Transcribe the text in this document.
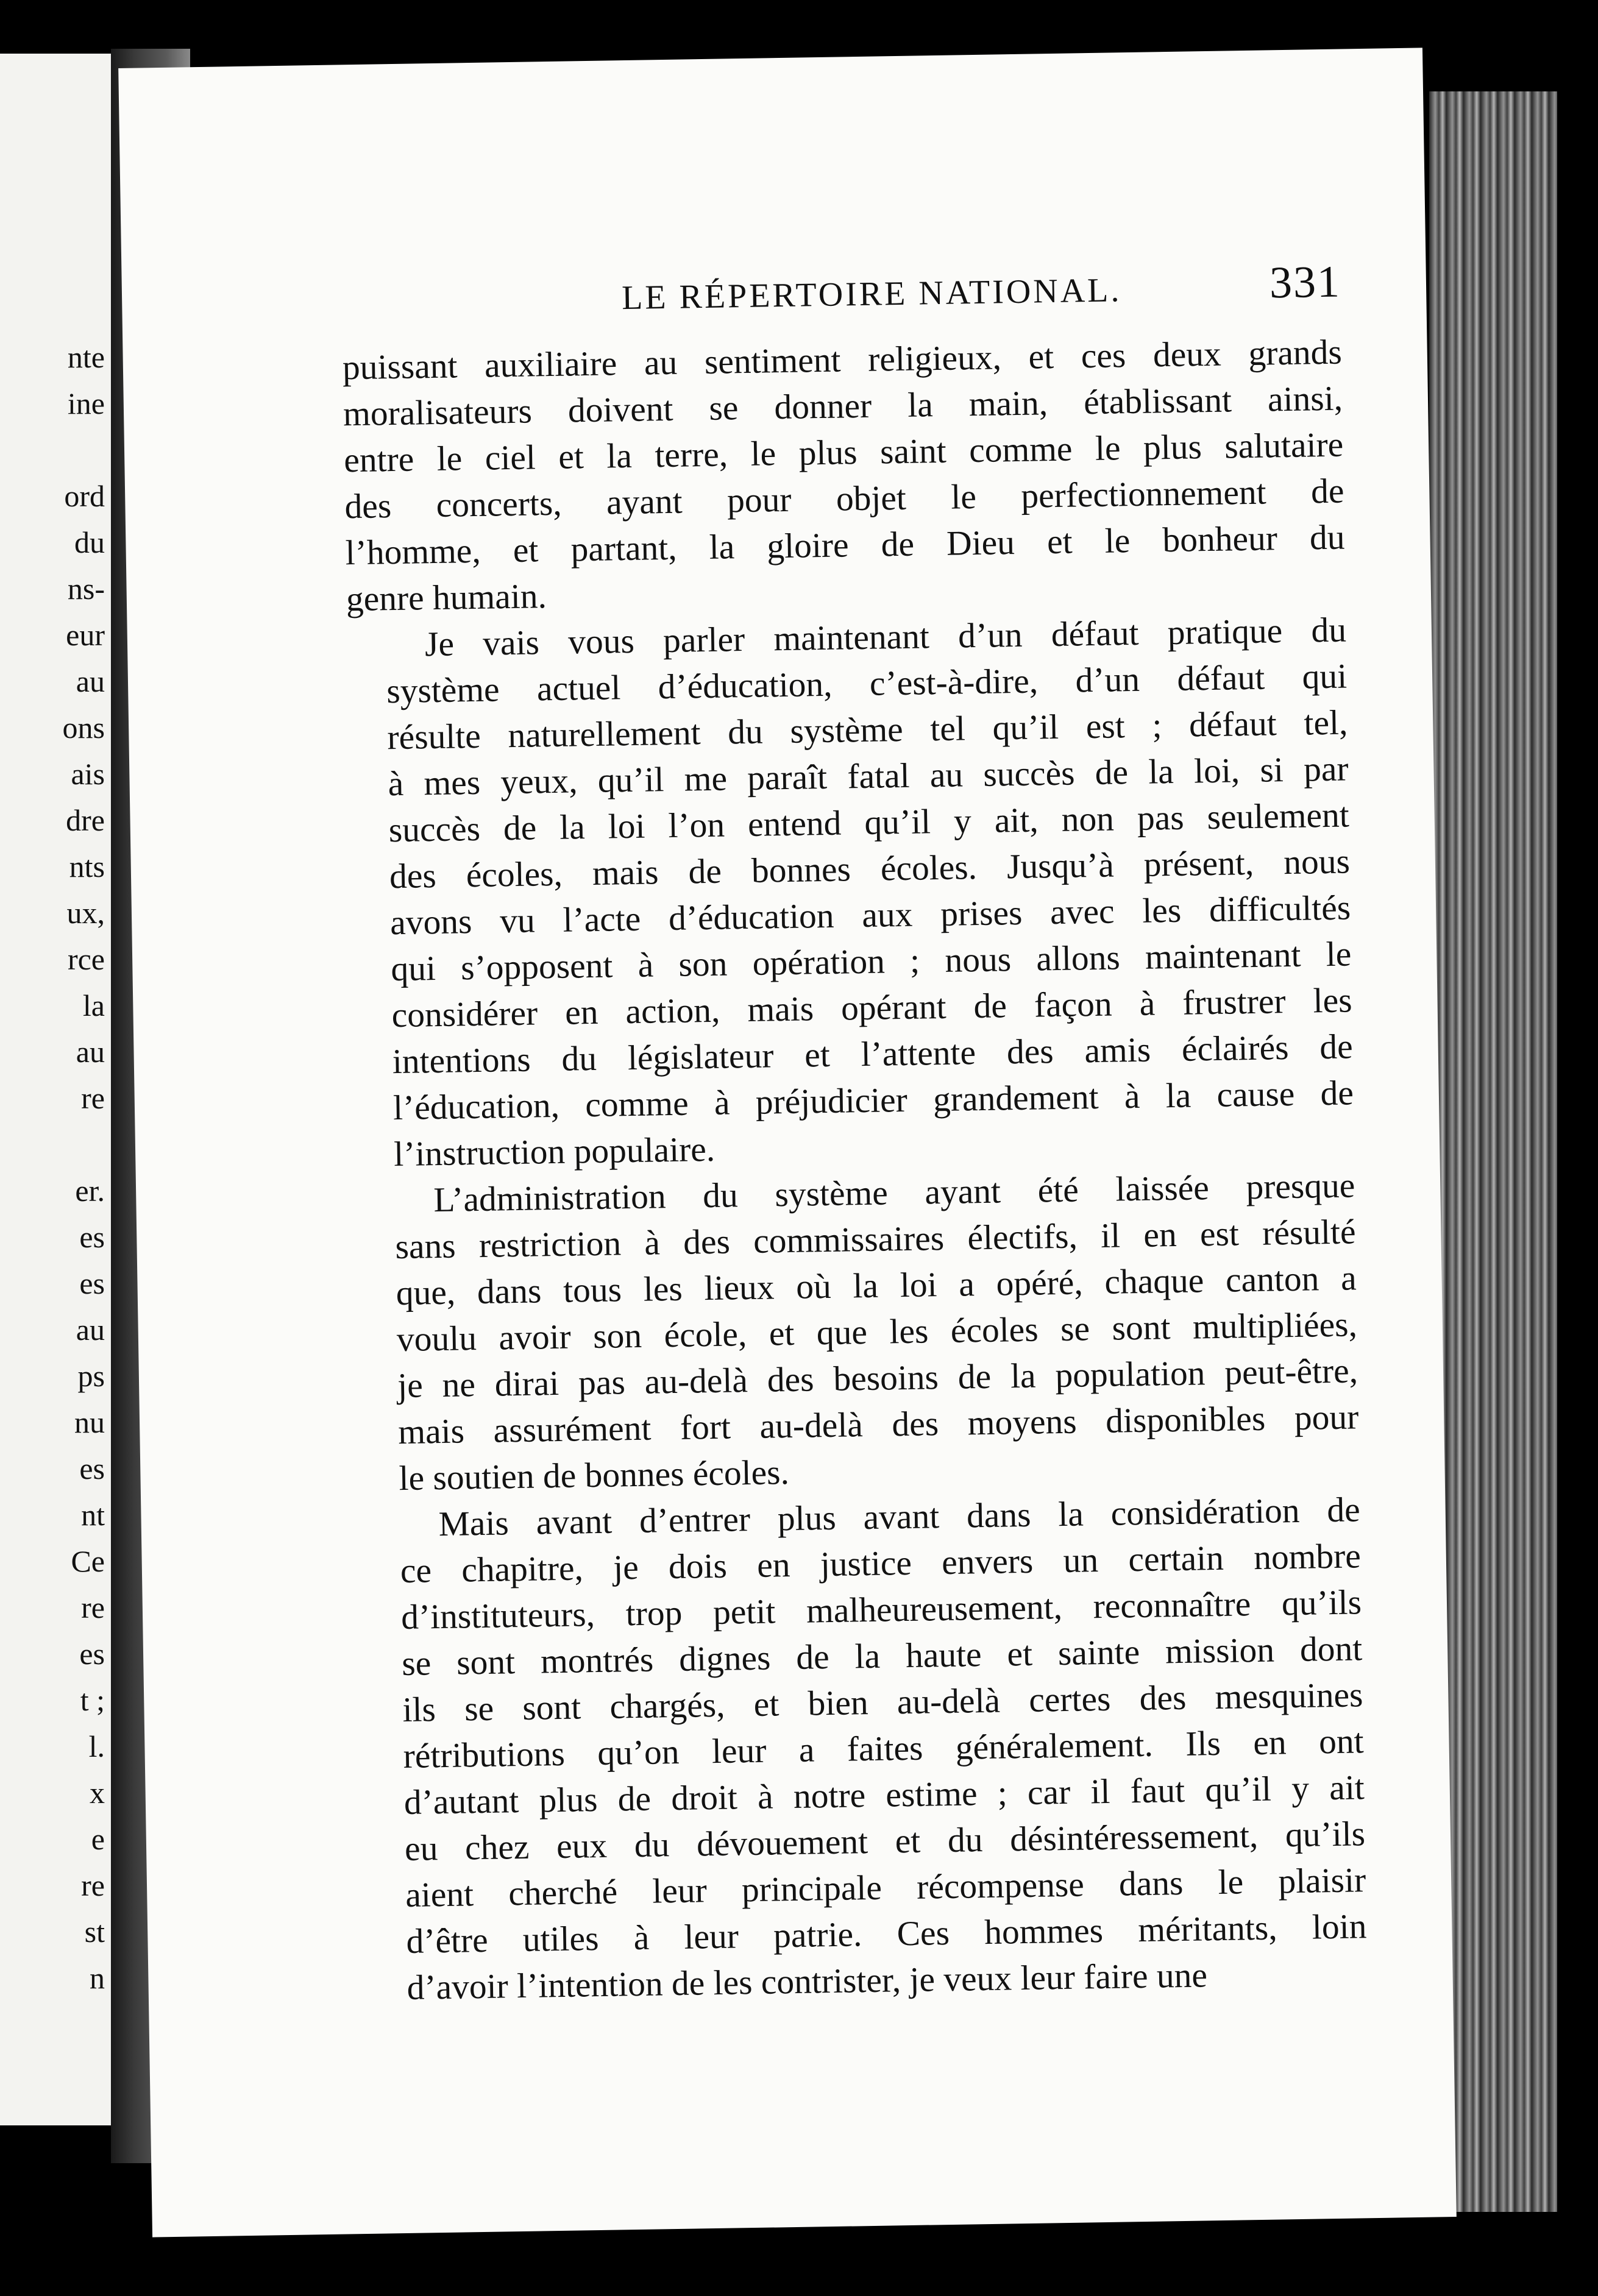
nte
ine
ord
du
ns-
eur
au
ons
ais
dre
nts
ux,
rce
la
au
re
er.
es
es
au
ps
nu
es
nt
Ce
re
es
t ;
l.
x
e
re
st
n
LE RÉPERTOIRE NATIONAL.	331

puissant auxiliaire au sentiment religieux, et ces deux grands
moralisateurs doivent se donner la main, établissant ainsi,
entre le ciel et la terre, le plus saint comme le plus salutaire
des concerts, ayant pour objet le perfectionnement de
l’homme, et partant, la gloire de Dieu et le bonheur du
genre humain.

Je vais vous parler maintenant d’un défaut pratique du
système actuel d’éducation, c’est-à-dire, d’un défaut qui
résulte naturellement du système tel qu’il est ; défaut tel,
à mes yeux, qu’il me paraît fatal au succès de la loi, si par
succès de la loi l’on entend qu’il y ait, non pas seulement
des écoles, mais de bonnes écoles. Jusqu’à présent, nous
avons vu l’acte d’éducation aux prises avec les difficultés
qui s’opposent à son opération ; nous allons maintenant le
considérer en action, mais opérant de façon à frustrer les
intentions du législateur et l’attente des amis éclairés de
l’éducation, comme à préjudicier grandement à la cause de
l’instruction populaire.

L’administration du système ayant été laissée presque
sans restriction à des commissaires électifs, il en est résulté
que, dans tous les lieux où la loi a opéré, chaque canton a
voulu avoir son école, et que les écoles se sont multipliées,
je ne dirai pas au-delà des besoins de la population peut-être,
mais assurément fort au-delà des moyens disponibles pour
le soutien de bonnes écoles.

Mais avant d’entrer plus avant dans la considération de
ce chapitre, je dois en justice envers un certain nombre
d’instituteurs, trop petit malheureusement, reconnaître qu’ils
se sont montrés dignes de la haute et sainte mission dont
ils se sont chargés, et bien au-delà certes des mesquines
rétributions qu’on leur a faites généralement. Ils en ont
d’autant plus de droit à notre estime ; car il faut qu’il y ait
eu chez eux du dévouement et du désintéressement, qu’ils
aient cherché leur principale récompense dans le plaisir
d’être utiles à leur patrie. Ces hommes méritants, loin
d’avoir l’intention de les contrister, je veux leur faire une
